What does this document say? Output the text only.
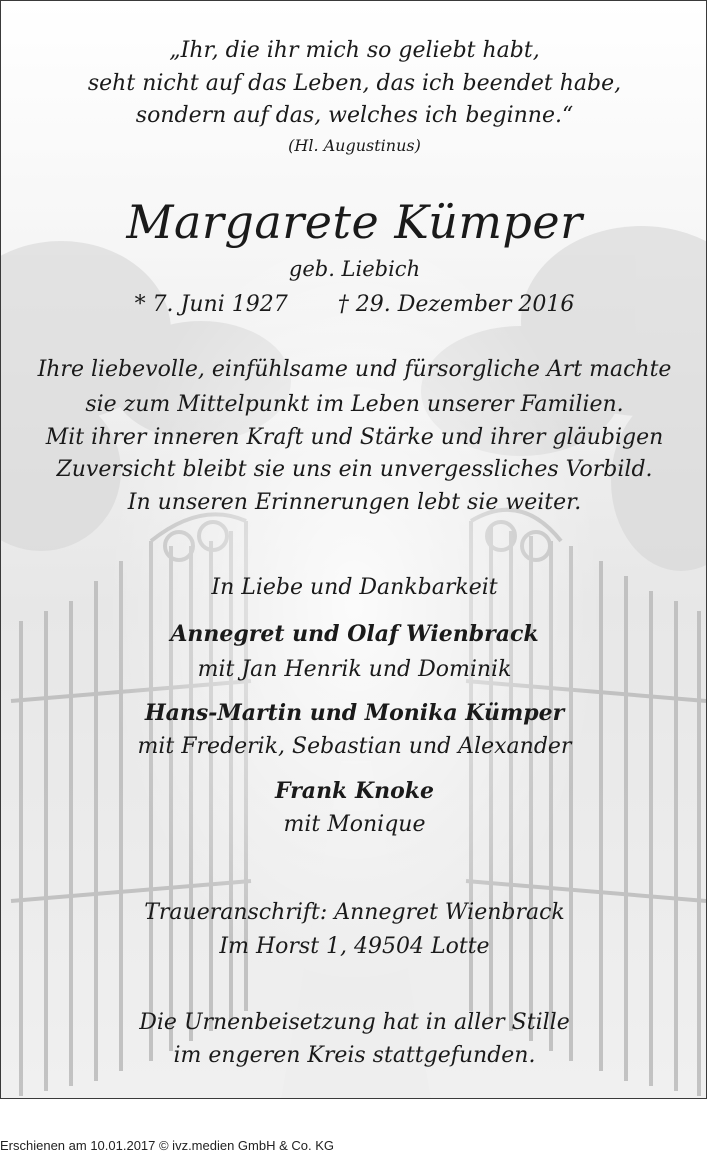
„Ihr, die ihr mich so geliebt habt,
seht nicht auf das Leben, das ich beendet habe,
sondern auf das, welches ich beginne.“
(Hl. Augustinus)
Margarete Kümper
geb. Liebich
* 7. Juni 1927 † 29. Dezember 2016
Ihre liebevolle, einfühlsame und fürsorgliche Art machte
sie zum Mittelpunkt im Leben unserer Familien.
Mit ihrer inneren Kraft und Stärke und ihrer gläubigen
Zuversicht bleibt sie uns ein unvergessliches Vorbild.
In unseren Erinnerungen lebt sie weiter.
In Liebe und Dankbarkeit
Annegret und Olaf Wienbrack
mit Jan Henrik und Dominik
Hans-Martin und Monika Kümper
mit Frederik, Sebastian und Alexander
Frank Knoke
mit Monique
Traueranschrift: Annegret Wienbrack
Im Horst 1, 49504 Lotte
Die Urnenbeisetzung hat in aller Stille
im engeren Kreis stattgefunden.
Erschienen am 10.01.2017 © ivz.medien GmbH & Co. KG
